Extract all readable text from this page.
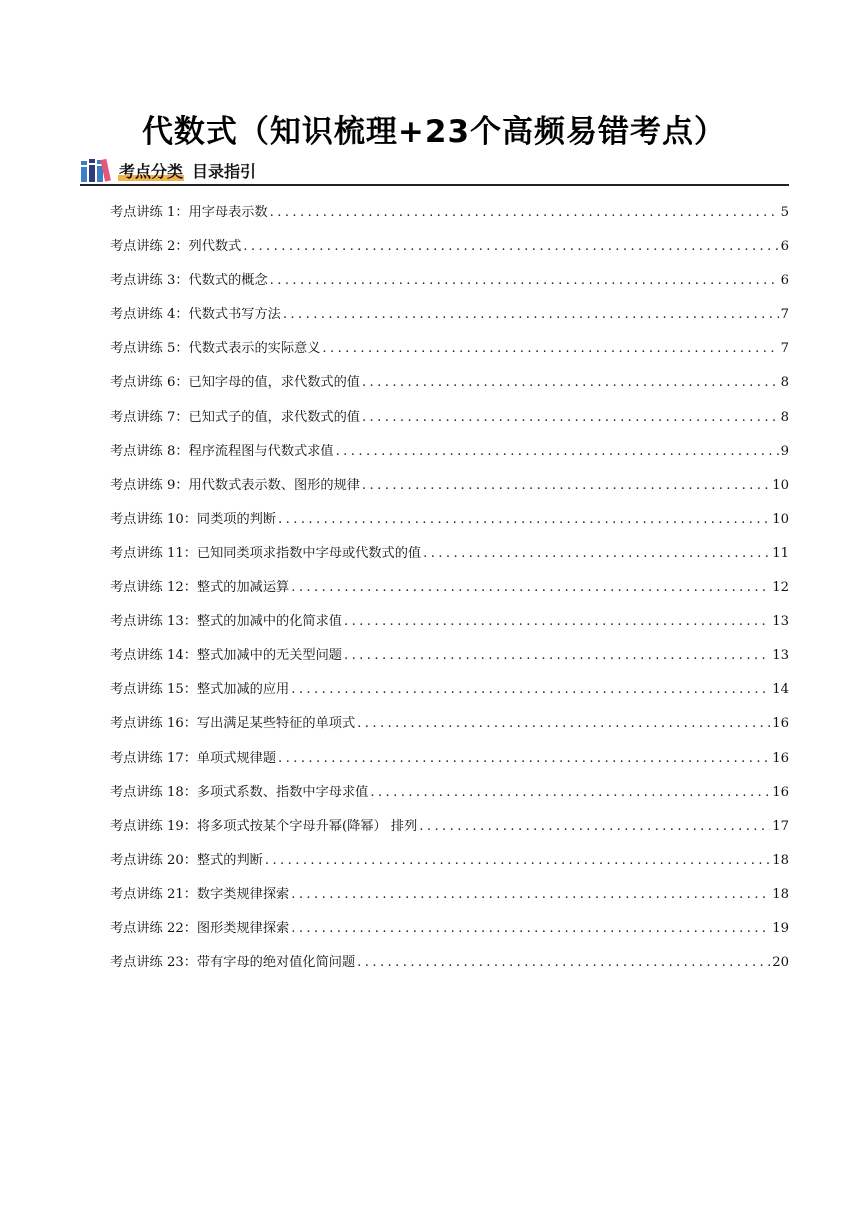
代数式（知识梳理+23个高频易错考点）
考点分类 目录指引
考点讲练 1： 用字母表示数 .....	5
考点讲练 2： 列代数式 .....	6
考点讲练 3： 代数式的概念 .....	6
考点讲练 4： 代数式书写方法 .....	7
考点讲练 5： 代数式表示的实际意义 .....	7
考点讲练 6： 已知字母的值，求代数式的值 .....	8
考点讲练 7： 已知式子的值，求代数式的值 .....	8
考点讲练 8： 程序流程图与代数式求值 .....	9
考点讲练 9： 用代数式表示数、图形的规律 .....	10
考点讲练 10： 同类项的判断 .....	10
考点讲练 11： 已知同类项求指数中字母或代数式的值 .....	11
考点讲练 12： 整式的加减运算 .....	12
考点讲练 13： 整式的加减中的化简求值 .....	13
考点讲练 14： 整式加减中的无关型问题 .....	13
考点讲练 15： 整式加减的应用 .....	14
考点讲练 16： 写出满足某些特征的单项式 .....	16
考点讲练 17： 单项式规律题 .....	16
考点讲练 18： 多项式系数、指数中字母求值 .....	16
考点讲练 19： 将多项式按某个字母升幂(降幂） 排列 .....	17
考点讲练 20： 整式的判断 .....	18
考点讲练 21： 数字类规律探索 .....	18
考点讲练 22： 图形类规律探索 .....	19
考点讲练 23： 带有字母的绝对值化简问题 .....	20
